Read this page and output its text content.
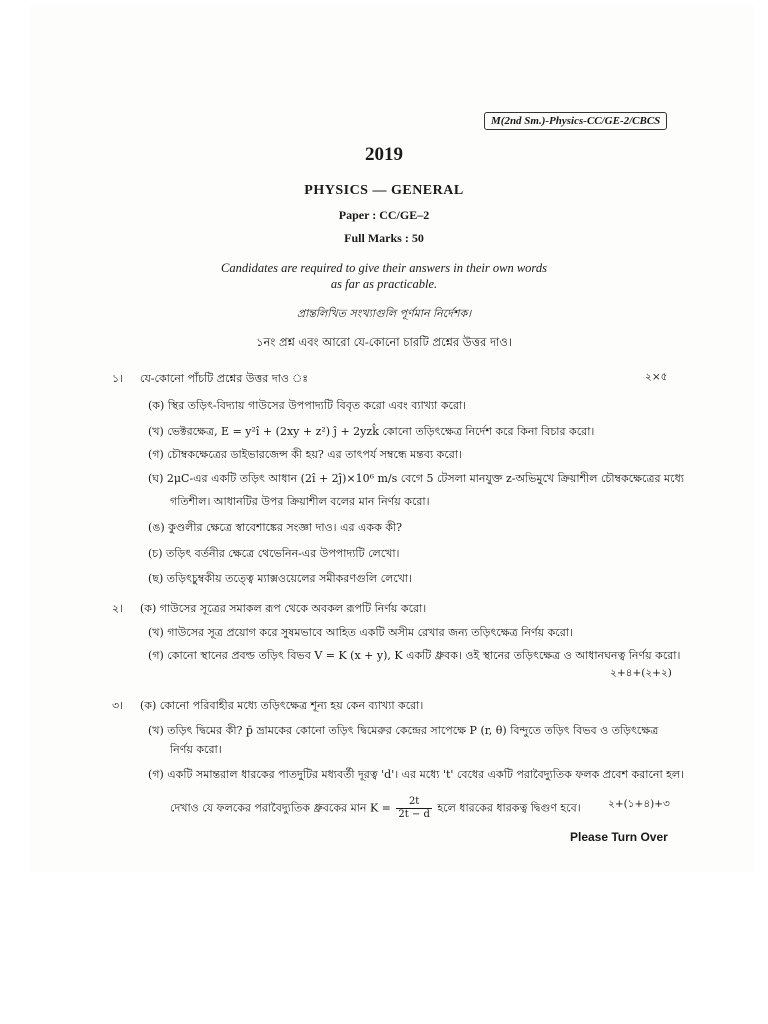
M(2nd Sm.)-Physics-CC/GE-2/CBCS
2019
PHYSICS — GENERAL
Paper : CC/GE–2
Full Marks : 50
Candidates are required to give their answers in their own words
as far as practicable.
প্রান্তলিখিত সংখ্যাগুলি পূর্ণমান নির্দেশক।
১নং প্রশ্ন এবং আরো যে-কোনো চারটি প্রশ্নের উত্তর দাও।
১। যে-কোনো পাঁচটি প্রশ্নের উত্তর দাও ঃ	২×৫
(ক) স্থির তড়িৎ-বিদ্যায় গাউসের উপপাদ্যটি বিবৃত করো এবং ব্যাখ্যা করো।
(খ) ভেক্টরক্ষেত্র, E = y²î + (2xy + z²) ĵ + 2yzk̂ কোনো তড়িৎক্ষেত্র নির্দেশ করে কিনা বিচার করো।
(গ) চৌম্বকক্ষেত্রের ডাইভারজেন্স কী হয়? এর তাৎপর্য সম্বন্ধে মন্তব্য করো।
(ঘ) 2μC-এর একটি তড়িৎ আধান (2î + 2ĵ)×10⁶ m/s বেগে 5 টেসলা মানযুক্ত z-অভিমুখে ক্রিয়াশীল চৌম্বকক্ষেত্রের মধ্যে
গতিশীল। আধানটির উপর ক্রিয়াশীল বলের মান নির্ণয় করো।
(ঙ) কুণ্ডলীর ক্ষেত্রে স্বাবেশাঙ্কের সংজ্ঞা দাও। এর একক কী?
(চ) তড়িৎ বর্তনীর ক্ষেত্রে থেভেনিন-এর উপপাদ্যটি লেখো।
(ছ) তড়িৎচুম্বকীয় তত্ত্বে ম্যাক্সওয়েলের সমীকরণগুলি লেখো।
২। (ক) গাউসের সূত্রের সমাকল রূপ থেকে অবকল রূপটি নির্ণয় করো।
(খ) গাউসের সূত্র প্রয়োগ করে সুষমভাবে আহিত একটি অসীম রেখার জন্য তড়িৎক্ষেত্র নির্ণয় করো।
(গ) কোনো স্থানের প্রবল্ড তড়িৎ বিভব V = K (x + y), K একটি ধ্রুবক। ওই স্থানের তড়িৎক্ষেত্র ও আধানঘনত্ব নির্ণয় করো।
২+৪+(২+২)
৩। (ক) কোনো পরিবাহীর মধ্যে তড়িৎক্ষেত্র শূন্য হয় কেন ব্যাখ্যা করো।
(খ) তড়িৎ দ্বিমের কী? p̄ ভ্রামকের কোনো তড়িৎ দ্বিমেরুর কেন্দ্রের সাপেক্ষে P (r, θ) বিন্দুতে তড়িৎ বিভব ও তড়িৎক্ষেত্র
নির্ণয় করো।
(গ) একটি সমান্তরাল ধারকের পাতদুটির মধ্যবর্তী দূরত্ব 'd'। এর মধ্যে 't' বেধের একটি পরাবৈদ্যুতিক ফলক প্রবেশ করানো হল।
দেখাও যে ফলকের পরাবৈদ্যুতিক ধ্রুবকের মান $K = \frac{2t}{2t - d}$ হলে ধারকের ধারকত্ব দ্বিগুণ হবে।	২+(১+৪)+৩
Please Turn Over
